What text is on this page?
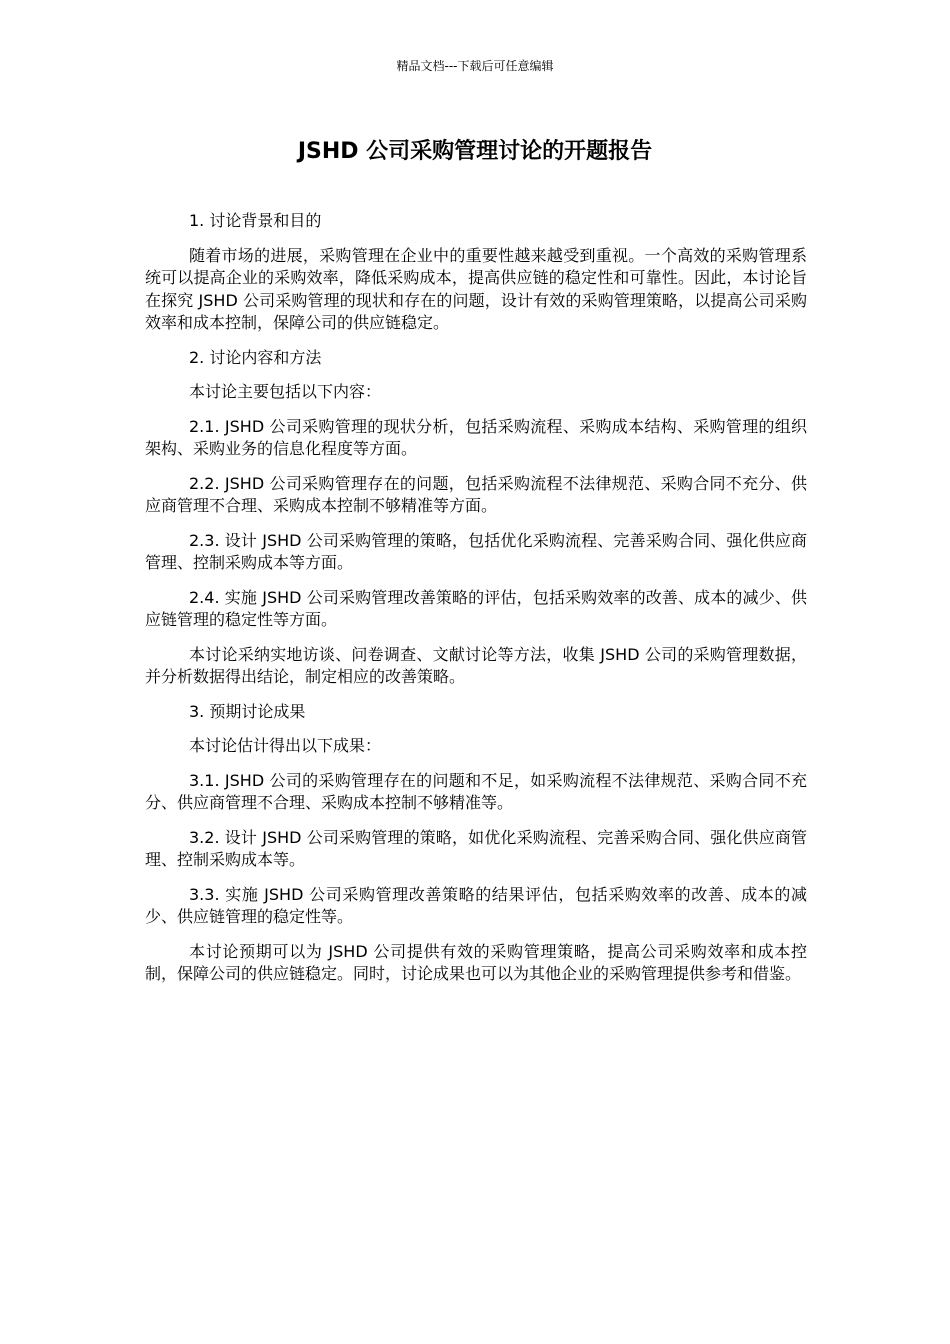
精品文档---下载后可任意编辑
JSHD 公司采购管理讨论的开题报告

1. 讨论背景和目的

随着市场的进展，采购管理在企业中的重要性越来越受到重视。一个高效的采购管理系统可以提高企业的采购效率，降低采购成本，提高供应链的稳定性和可靠性。因此，本讨论旨在探究 JSHD 公司采购管理的现状和存在的问题，设计有效的采购管理策略，以提高公司采购效率和成本控制，保障公司的供应链稳定。

2. 讨论内容和方法

本讨论主要包括以下内容：

2.1. JSHD 公司采购管理的现状分析，包括采购流程、采购成本结构、采购管理的组织架构、采购业务的信息化程度等方面。

2.2. JSHD 公司采购管理存在的问题，包括采购流程不法律规范、采购合同不充分、供应商管理不合理、采购成本控制不够精准等方面。

2.3. 设计 JSHD 公司采购管理的策略，包括优化采购流程、完善采购合同、强化供应商管理、控制采购成本等方面。

2.4. 实施 JSHD 公司采购管理改善策略的评估，包括采购效率的改善、成本的减少、供应链管理的稳定性等方面。

本讨论采纳实地访谈、问卷调查、文献讨论等方法，收集 JSHD 公司的采购管理数据，并分析数据得出结论，制定相应的改善策略。

3. 预期讨论成果

本讨论估计得出以下成果：

3.1. JSHD 公司的采购管理存在的问题和不足，如采购流程不法律规范、采购合同不充分、供应商管理不合理、采购成本控制不够精准等。

3.2. 设计 JSHD 公司采购管理的策略，如优化采购流程、完善采购合同、强化供应商管理、控制采购成本等。

3.3. 实施 JSHD 公司采购管理改善策略的结果评估，包括采购效率的改善、成本的减少、供应链管理的稳定性等。

本讨论预期可以为 JSHD 公司提供有效的采购管理策略，提高公司采购效率和成本控制，保障公司的供应链稳定。同时，讨论成果也可以为其他企业的采购管理提供参考和借鉴。
